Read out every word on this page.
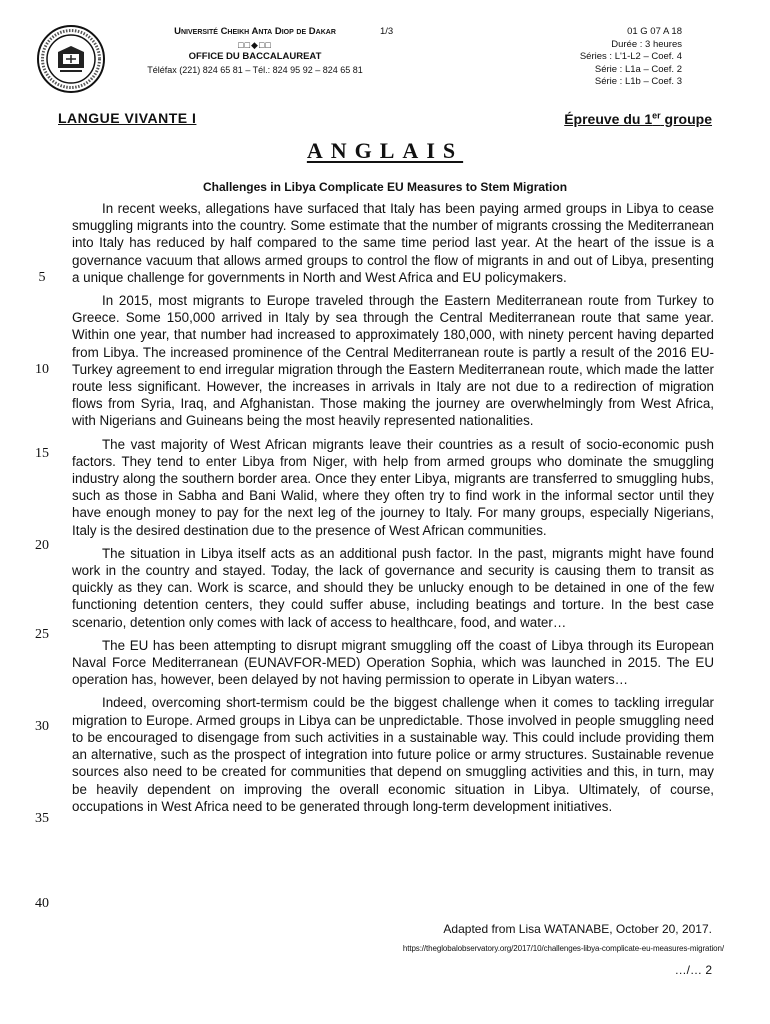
Université Cheikh Anta Diop de Dakar
□□◆□□
OFFICE DU BACCALAUREAT
Téléfax (221) 824 65 81 – Tél.: 824 95 92 – 824 65 81
1/3	01 G 07 A 18
Durée : 3 heures
Séries : L'1-L2 – Coef. 4
Série : L1a – Coef. 2
Série : L1b – Coef. 3
LANGUE VIVANTE I	Épreuve du 1er groupe
ANGLAIS
Challenges in Libya Complicate EU Measures to Stem Migration

In recent weeks, allegations have surfaced that Italy has been paying armed groups in Libya to cease smuggling migrants into the country. Some estimate that the number of migrants crossing the Mediterranean into Italy has reduced by half compared to the same time period last year. At the heart of the issue is a governance vacuum that allows armed groups to control the flow of migrants in and out of Libya, presenting a unique challenge for governments in North and West Africa and EU policymakers.

In 2015, most migrants to Europe traveled through the Eastern Mediterranean route from Turkey to Greece. Some 150,000 arrived in Italy by sea through the Central Mediterranean route that same year. Within one year, that number had increased to approximately 180,000, with ninety percent having departed from Libya. The increased prominence of the Central Mediterranean route is partly a result of the 2016 EU-Turkey agreement to end irregular migration through the Eastern Mediterranean route, which made the latter route less significant. However, the increases in arrivals in Italy are not due to a redirection of migration flows from Syria, Iraq, and Afghanistan. Those making the journey are overwhelmingly from West Africa, with Nigerians and Guineans being the most heavily represented nationalities.

The vast majority of West African migrants leave their countries as a result of socio-economic push factors. They tend to enter Libya from Niger, with help from armed groups who dominate the smuggling industry along the southern border area. Once they enter Libya, migrants are transferred to smuggling hubs, such as those in Sabha and Bani Walid, where they often try to find work in the informal sector until they have enough money to pay for the next leg of the journey to Italy. For many groups, especially Nigerians, Italy is the desired destination due to the presence of West African communities.

The situation in Libya itself acts as an additional push factor. In the past, migrants might have found work in the country and stayed. Today, the lack of governance and security is causing them to transit as quickly as they can. Work is scarce, and should they be unlucky enough to be detained in one of the few functioning detention centers, they could suffer abuse, including beatings and torture. In the best case scenario, detention only comes with lack of access to healthcare, food, and water…

The EU has been attempting to disrupt migrant smuggling off the coast of Libya through its European Naval Force Mediterranean (EUNAVFOR-MED) Operation Sophia, which was launched in 2015. The EU operation has, however, been delayed by not having permission to operate in Libyan waters…

Indeed, overcoming short-termism could be the biggest challenge when it comes to tackling irregular migration to Europe. Armed groups in Libya can be unpredictable. Those involved in people smuggling need to be encouraged to disengage from such activities in a sustainable way. This could include providing them an alternative, such as the prospect of integration into future police or army structures. Sustainable revenue sources also need to be created for communities that depend on smuggling activities and this, in turn, may be heavily dependent on improving the overall economic situation in Libya. Ultimately, of course, occupations in West Africa need to be generated through long-term development initiatives.

5
10
15
20
25
30
35
40
Adapted from Lisa WATANABE, October 20, 2017.
https://theglobalobservatory.org/2017/10/challenges-libya-complicate-eu-measures-migration/
…/… 2
